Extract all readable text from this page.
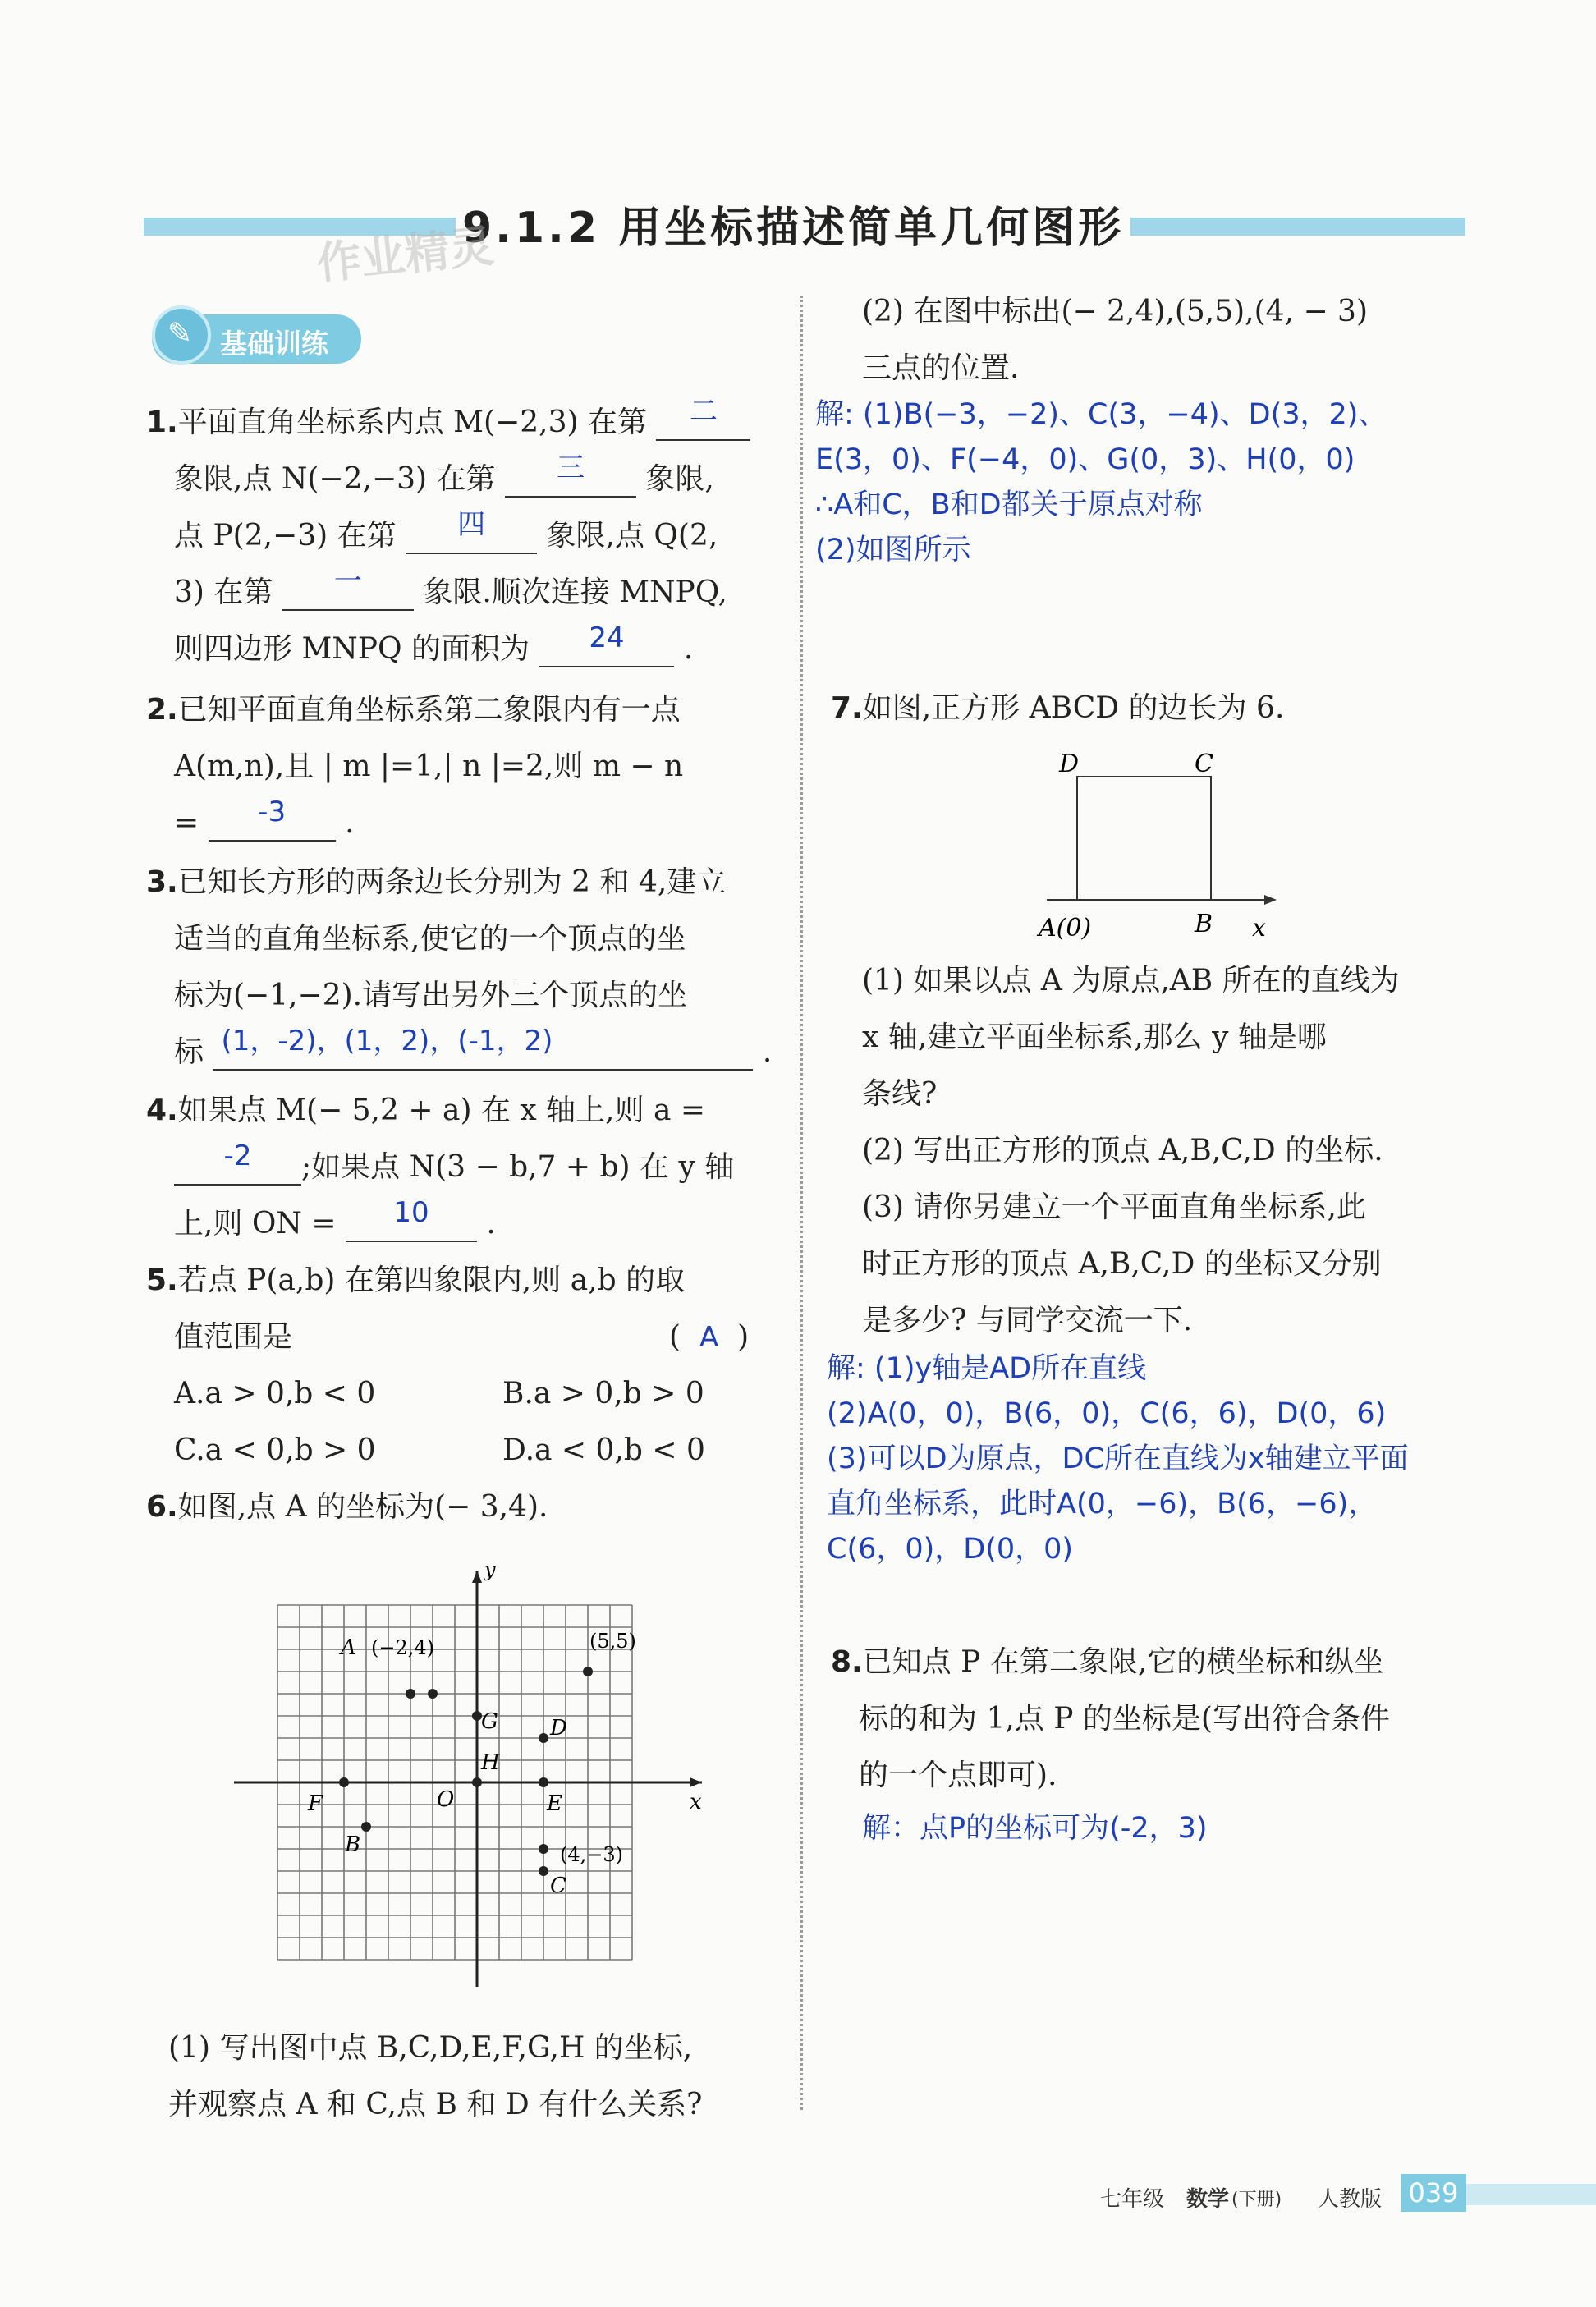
9.1.2 用坐标描述简单几何图形
作业精灵
✎ 基础训练
1.平面直角坐标系内点 M(−2,3) 在第 二
象限,点 N(−2,−3) 在第 三 象限,
点 P(2,−3) 在第 四 象限,点 Q(2,
3) 在第 一 象限.顺次连接 MNPQ,
则四边形 MNPQ 的面积为 24 .
2.已知平面直角坐标系第二象限内有一点
A(m,n),且 | m |=1,| n |=2,则 m − n
= -3 .
3.已知长方形的两条边长分别为 2 和 4,建立
适当的直角坐标系,使它的一个顶点的坐
标为(−1,−2).请写出另外三个顶点的坐
标 (1，-2)，(1，2)，(-1，2)	.
4.如果点 M(− 5,2 + a) 在 x 轴上,则 a =
-2 ;如果点 N(3 − b,7 + b) 在 y 轴
上,则 ON = 10 .
5.若点 P(a,b) 在第四象限内,则 a,b 的取
值范围是	( A )
A.a > 0,b < 0	B.a > 0,b > 0
C.a < 0,b > 0	D.a < 0,b < 0
6.如图,点 A 的坐标为(− 3,4).
y
x
O
A (−2,4)	(5,5)
G D
H
F	E
B	(4,−3)
C
(1) 写出图中点 B,C,D,E,F,G,H 的坐标,
并观察点 A 和 C,点 B 和 D 有什么关系?
(2) 在图中标出(− 2,4),(5,5),(4, − 3)
三点的位置.
解: (1)B(−3，−2)、C(3，−4)、D(3，2)、
E(3，0)、F(−4，0)、G(0，3)、H(0，0)
∴A和C，B和D都关于原点对称
(2)如图所示
7.如图,正方形 ABCD 的边长为 6.
D	C
A(0)	B x
(1) 如果以点 A 为原点,AB 所在的直线为
x 轴,建立平面坐标系,那么 y 轴是哪
条线?
(2) 写出正方形的顶点 A,B,C,D 的坐标.
(3) 请你另建立一个平面直角坐标系,此
时正方形的顶点 A,B,C,D 的坐标又分别
是多少? 与同学交流一下.
解: (1)y轴是AD所在直线
(2)A(0，0)，B(6，0)，C(6，6)，D(0，6)
(3)可以D为原点，DC所在直线为x轴建立平面
直角坐标系，此时A(0，−6)，B(6，−6)，
C(6，0)，D(0，0)
8.已知点 P 在第二象限,它的横坐标和纵坐
标的和为 1,点 P 的坐标是(写出符合条件
的一个点即可).
解：点P的坐标可为(-2，3)
七年级 数学 (下册) 人教版 039
